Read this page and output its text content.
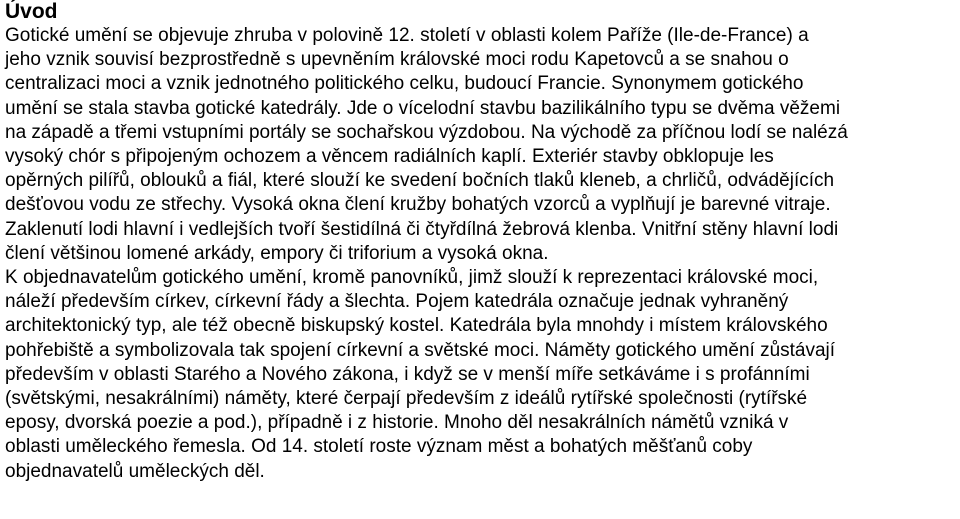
Úvod
Gotické umění se objevuje zhruba v polovině 12. století v oblasti kolem Paříže (Ile-de-France) a
jeho vznik souvisí bezprostředně s upevněním královské moci rodu Kapetovců a se snahou o
centralizaci moci a vznik jednotného politického celku, budoucí Francie. Synonymem gotického
umění se stala stavba gotické katedrály. Jde o vícelodní stavbu bazilikálního typu se dvěma věžemi
na západě a třemi vstupními portály se sochařskou výzdobou. Na východě za příčnou lodí se nalézá
vysoký chór s připojeným ochozem a věncem radiálních kaplí. Exteriér stavby obklopuje les
opěrných pilířů, oblouků a fiál, které slouží ke svedení bočních tlaků kleneb, a chrličů, odvádějících
dešťovou vodu ze střechy. Vysoká okna člení kružby bohatých vzorců a vyplňují je barevné vitraje.
Zaklenutí lodi hlavní i vedlejších tvoří šestidílná či čtyřdílná žebrová klenba. Vnitřní stěny hlavní lodi
člení většinou lomené arkády, empory či triforium a vysoká okna.
K objednavatelům gotického umění, kromě panovníků, jimž slouží k reprezentaci královské moci,
náleží především církev, církevní řády a šlechta. Pojem katedrála označuje jednak vyhraněný
architektonický typ, ale též obecně biskupský kostel. Katedrála byla mnohdy i místem královského
pohřebiště a symbolizovala tak spojení církevní a světské moci. Náměty gotického umění zůstávají
především v oblasti Starého a Nového zákona, i když se v menší míře setkáváme i s profánními
(světskými, nesakrálními) náměty, které čerpají především z ideálů rytířské společnosti (rytířské
eposy, dvorská poezie a pod.), případně i z historie. Mnoho děl nesakrálních námětů vzniká v
oblasti uměleckého řemesla. Od 14. století roste význam měst a bohatých měšťanů coby
objednavatelů uměleckých děl.
